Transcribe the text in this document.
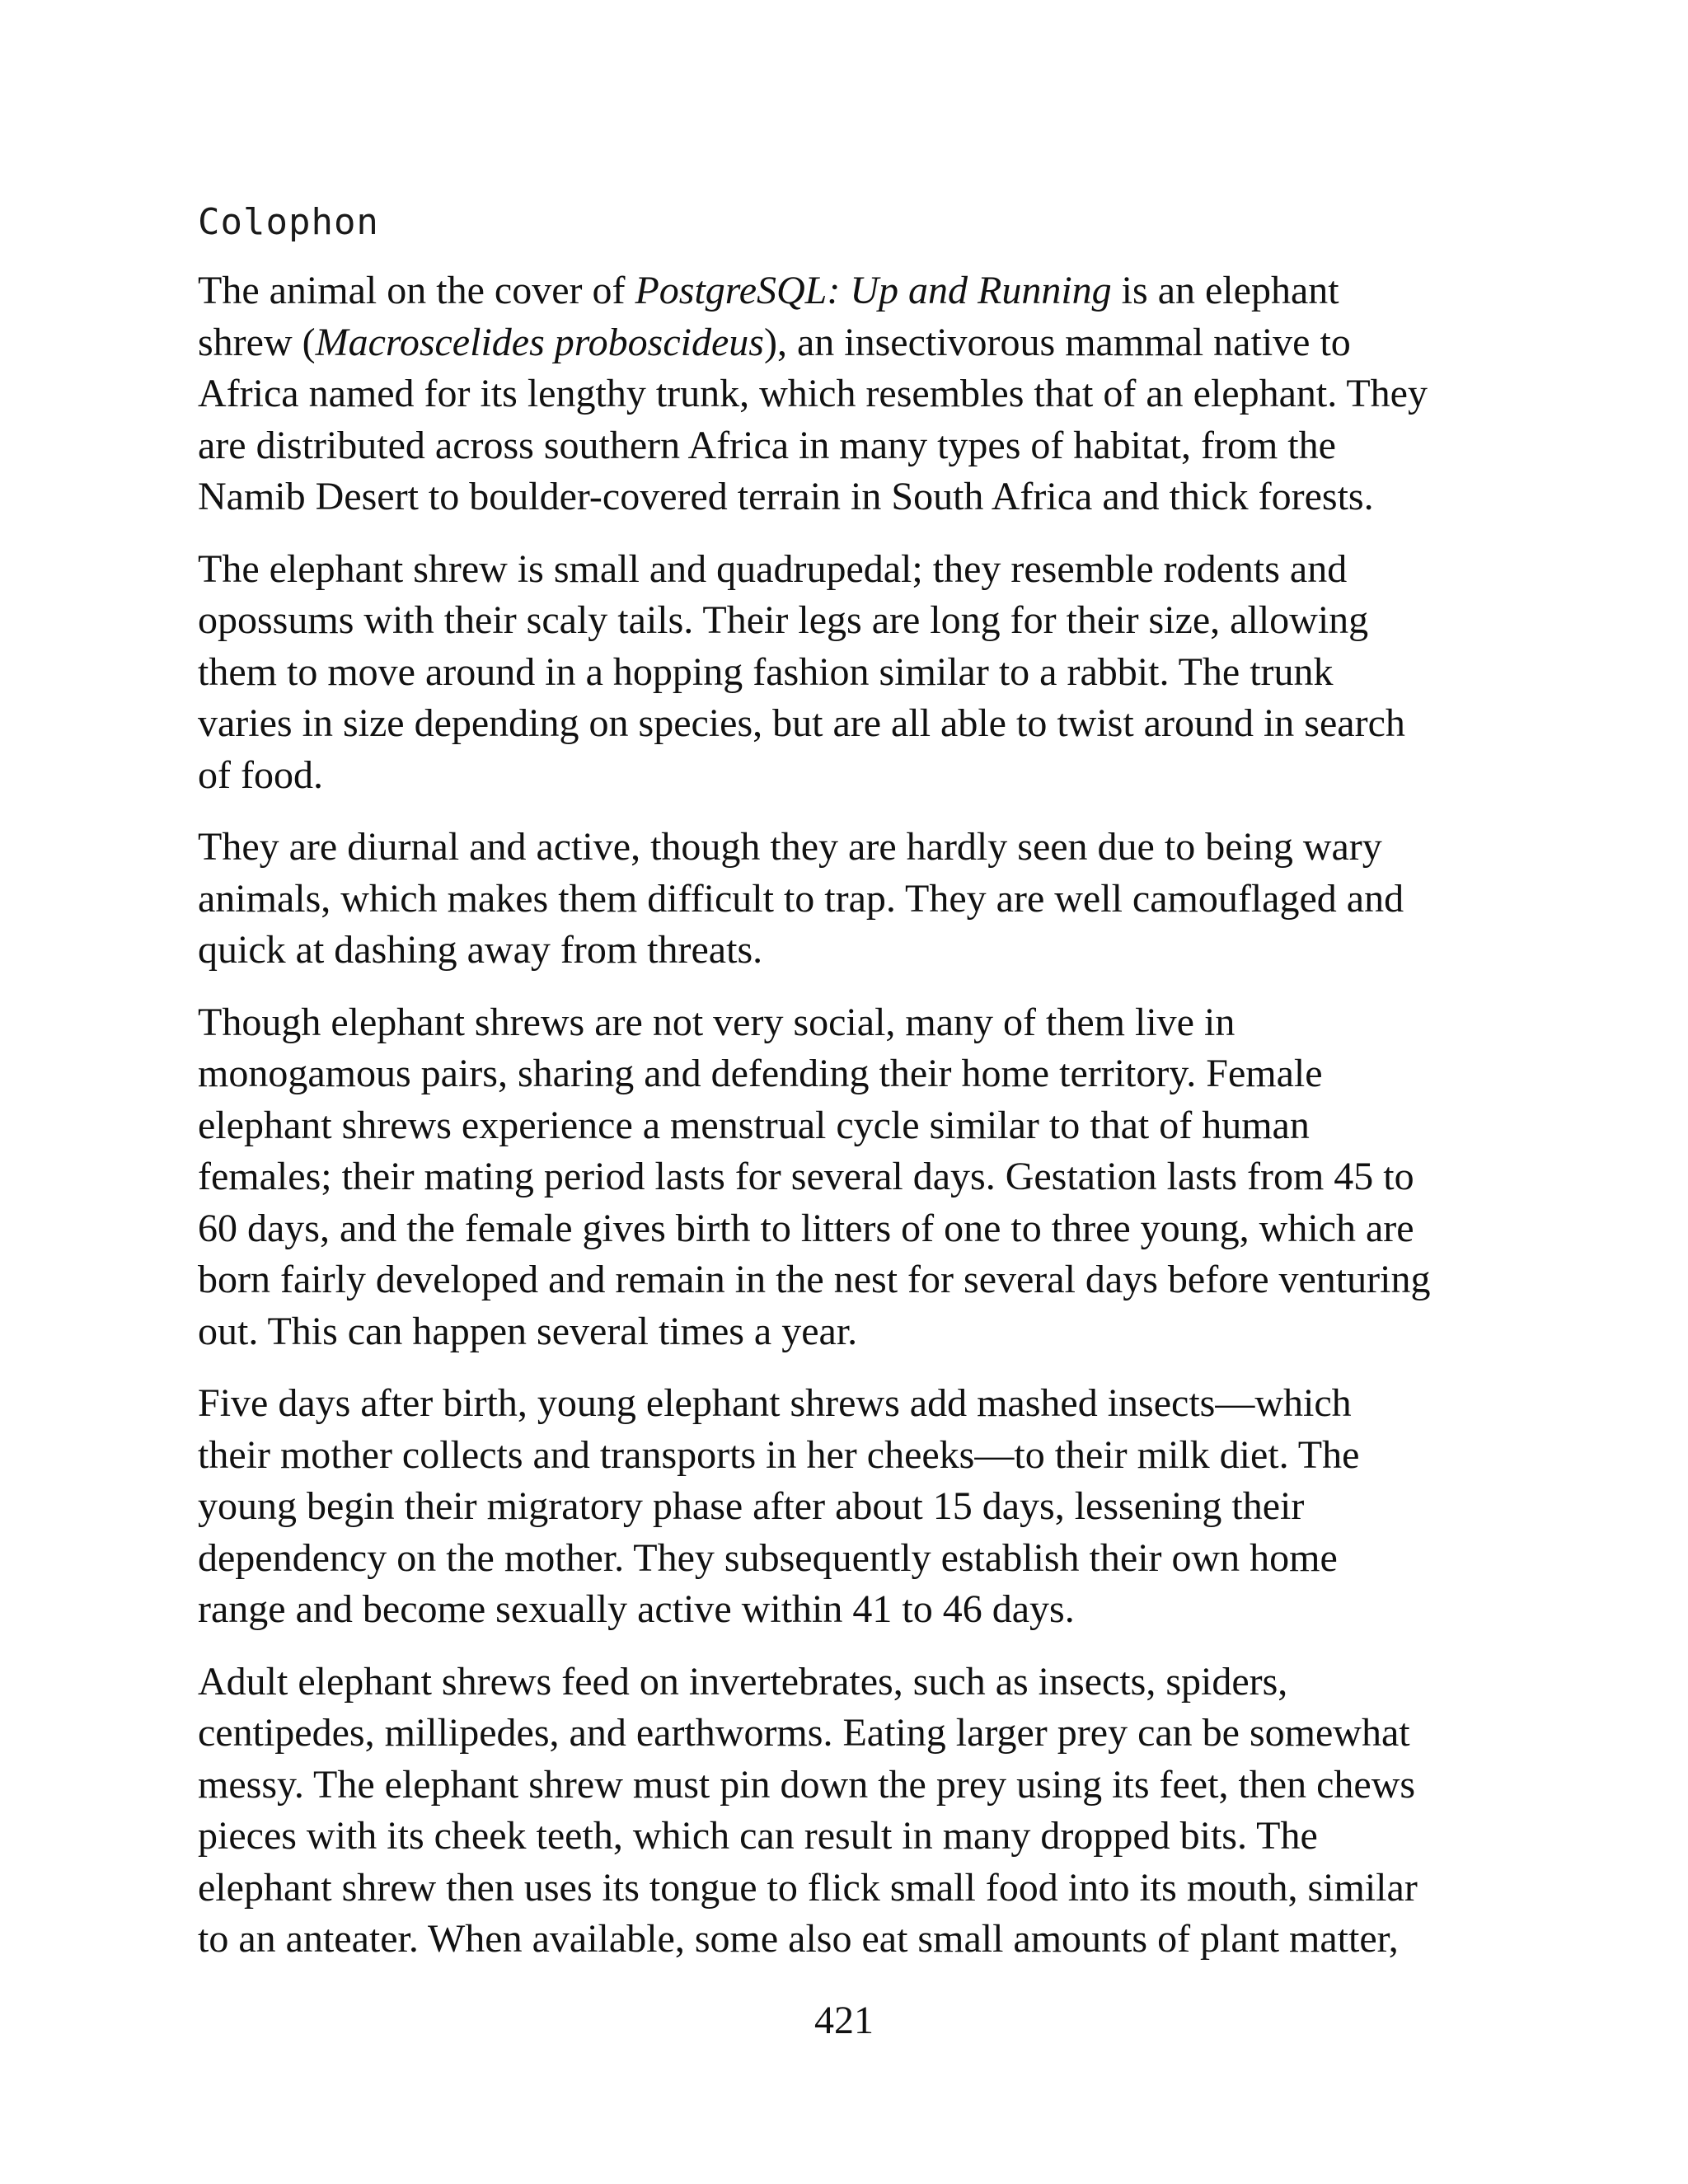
Colophon

The animal on the cover of PostgreSQL: Up and Running is an elephant
shrew (Macroscelides proboscideus), an insectivorous mammal native to
Africa named for its lengthy trunk, which resembles that of an elephant. They
are distributed across southern Africa in many types of habitat, from the
Namib Desert to boulder-covered terrain in South Africa and thick forests.

The elephant shrew is small and quadrupedal; they resemble rodents and
opossums with their scaly tails. Their legs are long for their size, allowing
them to move around in a hopping fashion similar to a rabbit. The trunk
varies in size depending on species, but are all able to twist around in search
of food.

They are diurnal and active, though they are hardly seen due to being wary
animals, which makes them difficult to trap. They are well camouflaged and
quick at dashing away from threats.

Though elephant shrews are not very social, many of them live in
monogamous pairs, sharing and defending their home territory. Female
elephant shrews experience a menstrual cycle similar to that of human
females; their mating period lasts for several days. Gestation lasts from 45 to
60 days, and the female gives birth to litters of one to three young, which are
born fairly developed and remain in the nest for several days before venturing
out. This can happen several times a year.

Five days after birth, young elephant shrews add mashed insects—which
their mother collects and transports in her cheeks—to their milk diet. The
young begin their migratory phase after about 15 days, lessening their
dependency on the mother. They subsequently establish their own home
range and become sexually active within 41 to 46 days.

Adult elephant shrews feed on invertebrates, such as insects, spiders,
centipedes, millipedes, and earthworms. Eating larger prey can be somewhat
messy. The elephant shrew must pin down the prey using its feet, then chews
pieces with its cheek teeth, which can result in many dropped bits. The
elephant shrew then uses its tongue to flick small food into its mouth, similar
to an anteater. When available, some also eat small amounts of plant matter,

421
